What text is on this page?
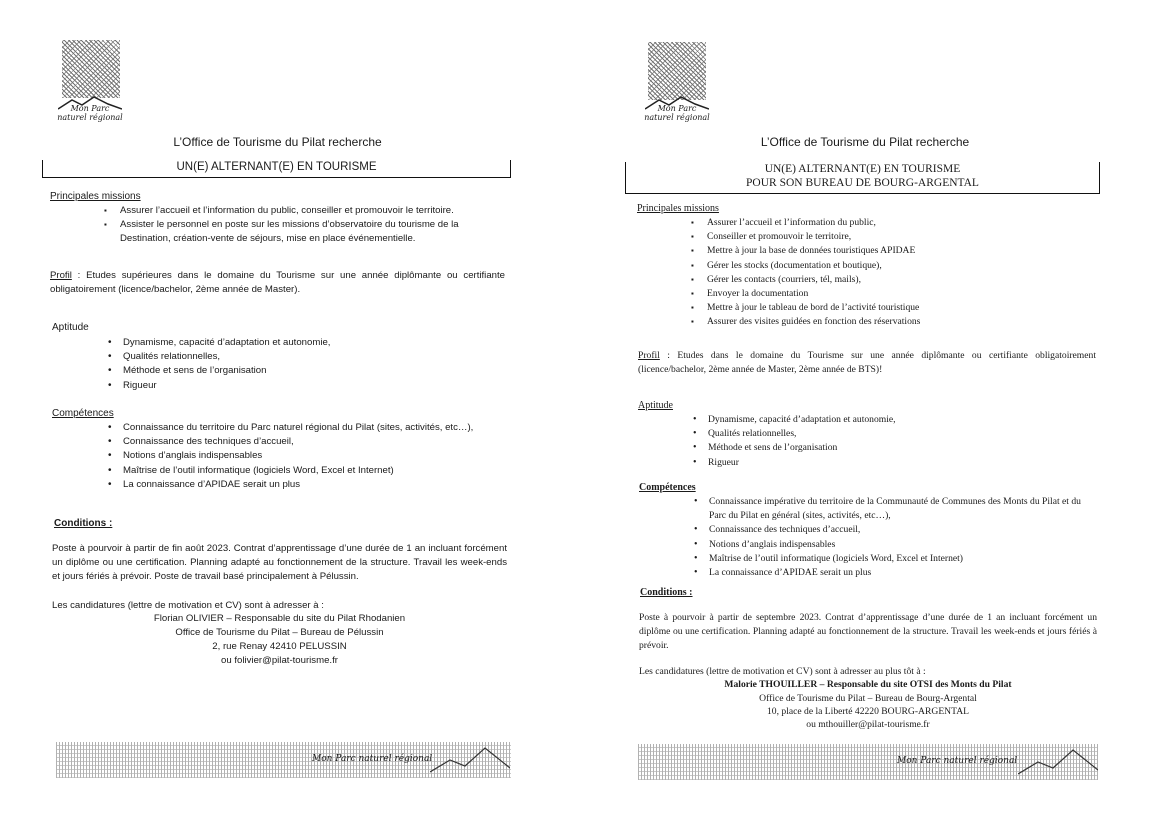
Mon Parc naturel régional
L’Office de Tourisme du Pilat recherche
UN(E) ALTERNANT(E) EN TOURISME
Principales missions
▪ Assurer l’accueil et l’information du public, conseiller et promouvoir le territoire.
▪ Assister le personnel en poste sur les missions d’observatoire du tourisme de la Destination, création-vente de séjours, mise en place événementielle.

Profil : Etudes supérieures dans le domaine du Tourisme sur une année diplômante ou certifiante obligatoirement (licence/bachelor, 2ème année de Master).

Aptitude
• Dynamisme, capacité d’adaptation et autonomie,
• Qualités relationnelles,
• Méthode et sens de l’organisation
• Rigueur
Compétences
• Connaissance du territoire du Parc naturel régional du Pilat (sites, activités, etc…),
• Connaissance des techniques d’accueil,
• Notions d’anglais indispensables
• Maîtrise de l’outil informatique (logiciels Word, Excel et Internet)
• La connaissance d’APIDAE serait un plus
Conditions :

Poste à pourvoir à partir de fin août 2023. Contrat d’apprentissage d’une durée de 1 an incluant forcément un diplôme ou une certification. Planning adapté au fonctionnement de la structure. Travail les week-ends et jours fériés à prévoir. Poste de travail basé principalement à Pélussin.

Les candidatures (lettre de motivation et CV) sont à adresser à :

Florian OLIVIER – Responsable du site du Pilat Rhodanien
Office de Tourisme du Pilat – Bureau de Pélussin
2, rue Renay 42410 PELUSSIN
ou folivier@pilat-tourisme.fr
Mon Parc naturel régional
Mon Parc naturel régional
L’Office de Tourisme du Pilat recherche
UN(E) ALTERNANT(E) EN TOURISME
POUR SON BUREAU DE BOURG-ARGENTAL
Principales missions
▪ Assurer l’accueil et l’information du public,
▪ Conseiller et promouvoir le territoire,
▪ Mettre à jour la base de données touristiques APIDAE
▪ Gérer les stocks (documentation et boutique),
▪ Gérer les contacts (courriers, tél, mails),
▪ Envoyer la documentation
▪ Mettre à jour le tableau de bord de l’activité touristique
▪ Assurer des visites guidées en fonction des réservations

Profil : Etudes dans le domaine du Tourisme sur une année diplômante ou certifiante obligatoirement (licence/bachelor, 2ème année de Master, 2ème année de BTS)!

Aptitude
• Dynamisme, capacité d’adaptation et autonomie,
• Qualités relationnelles,
• Méthode et sens de l’organisation
• Rigueur
Compétences
• Connaissance impérative du territoire de la Communauté de Communes des Monts du Pilat et du Parc du Pilat en général (sites, activités, etc…),
• Connaissance des techniques d’accueil,
• Notions d’anglais indispensables
• Maîtrise de l’outil informatique (logiciels Word, Excel et Internet)
• La connaissance d’APIDAE serait un plus
Conditions :

Poste à pourvoir à partir de septembre 2023. Contrat d’apprentissage d’une durée de 1 an incluant forcément un diplôme ou une certification. Planning adapté au fonctionnement de la structure. Travail les week-ends et jours fériés à prévoir.

Les candidatures (lettre de motivation et CV) sont à adresser au plus tôt à :

Malorie THOUILLER – Responsable du site OTSI des Monts du Pilat
Office de Tourisme du Pilat – Bureau de Bourg-Argental
10, place de la Liberté 42220 BOURG-ARGENTAL
ou mthouiller@pilat-tourisme.fr
Mon Parc naturel régional
